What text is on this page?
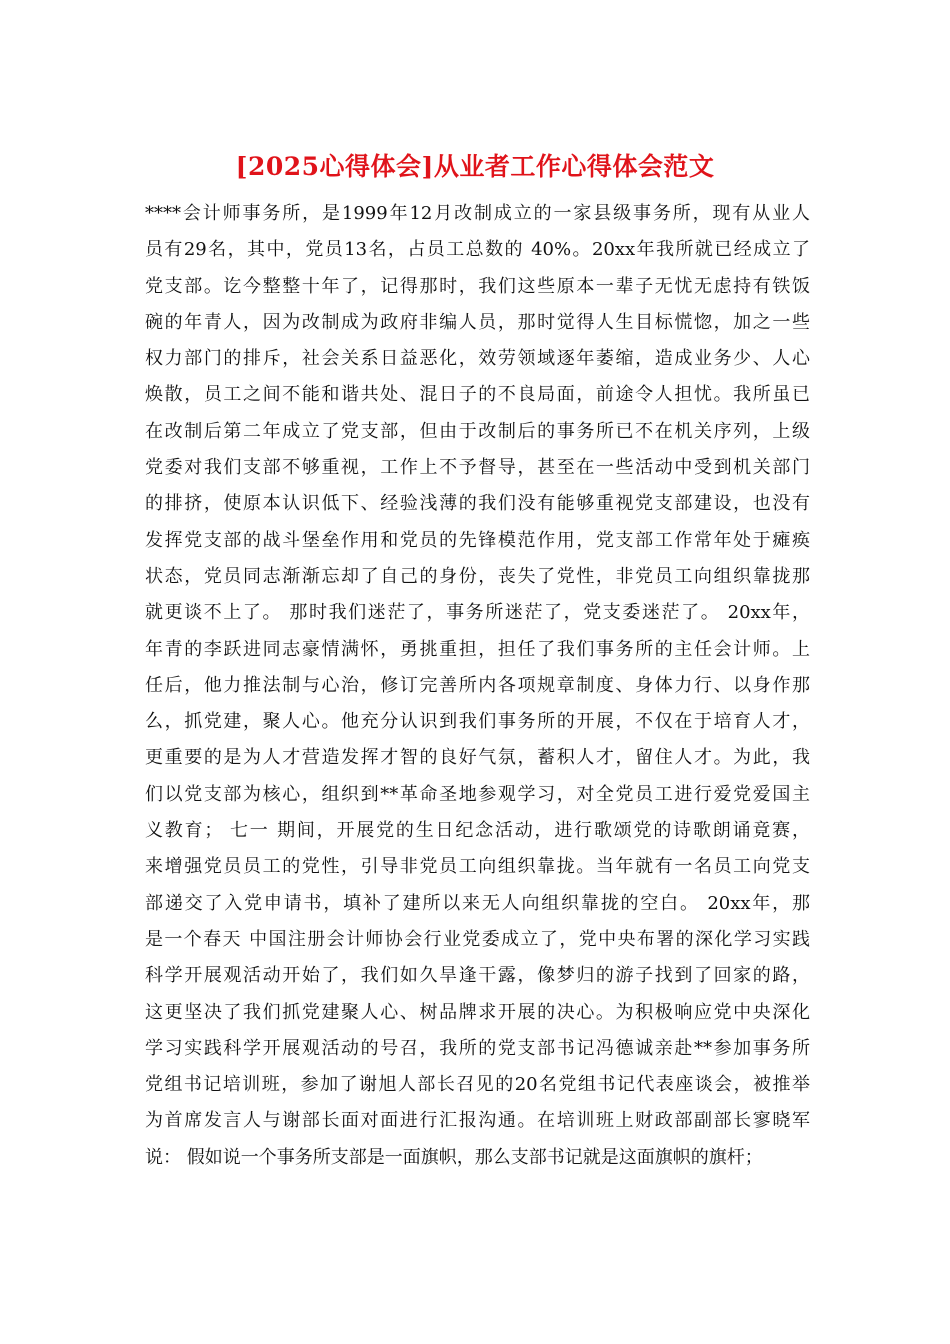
[2025心得体会]从业者工作心得体会范文
****会计师事务所，是1999年12月改制成立的一家县级事务所，现有从业人
员有29名，其中，党员13名，占员工总数的 40%。20xx年我所就已经成立了
党支部。讫今整整十年了，记得那时，我们这些原本一辈子无忧无虑持有铁饭
碗的年青人，因为改制成为政府非编人员，那时觉得人生目标慌惚，加之一些
权力部门的排斥，社会关系日益恶化，效劳领域逐年萎缩，造成业务少、人心
焕散，员工之间不能和谐共处、混日子的不良局面，前途令人担忧。我所虽已
在改制后第二年成立了党支部，但由于改制后的事务所已不在机关序列，上级
党委对我们支部不够重视，工作上不予督导，甚至在一些活动中受到机关部门
的排挤，使原本认识低下、经验浅薄的我们没有能够重视党支部建设，也没有
发挥党支部的战斗堡垒作用和党员的先锋模范作用，党支部工作常年处于瘫痪
状态，党员同志渐渐忘却了自己的身份，丧失了党性，非党员工向组织靠拢那
就更谈不上了。 那时我们迷茫了，事务所迷茫了，党支委迷茫了。 20xx年，
年青的李跃进同志豪情满怀，勇挑重担，担任了我们事务所的主任会计师。上
任后，他力推法制与心治，修订完善所内各项规章制度、身体力行、以身作那
么，抓党建，聚人心。他充分认识到我们事务所的开展，不仅在于培育人才，
更重要的是为人才营造发挥才智的良好气氛，蓄积人才，留住人才。为此，我
们以党支部为核心，组织到**革命圣地参观学习，对全党员工进行爱党爱国主
义教育； 七一 期间，开展党的生日纪念活动，进行歌颂党的诗歌朗诵竟赛，
来增强党员员工的党性，引导非党员工向组织靠拢。当年就有一名员工向党支
部递交了入党申请书，填补了建所以来无人向组织靠拢的空白。 20xx年，那
是一个春天 中国注册会计师协会行业党委成立了，党中央布署的深化学习实践
科学开展观活动开始了，我们如久旱逢干露，像梦归的游子找到了回家的路，
这更坚决了我们抓党建聚人心、树品牌求开展的决心。为积极响应党中央深化
学习实践科学开展观活动的号召，我所的党支部书记冯德诚亲赴**参加事务所
党组书记培训班，参加了谢旭人部长召见的20名党组书记代表座谈会，被推举
为首席发言人与谢部长面对面进行汇报沟通。在培训班上财政部副部长寥晓军
说： 假如说一个事务所支部是一面旗帜，那么支部书记就是这面旗帜的旗杆；
